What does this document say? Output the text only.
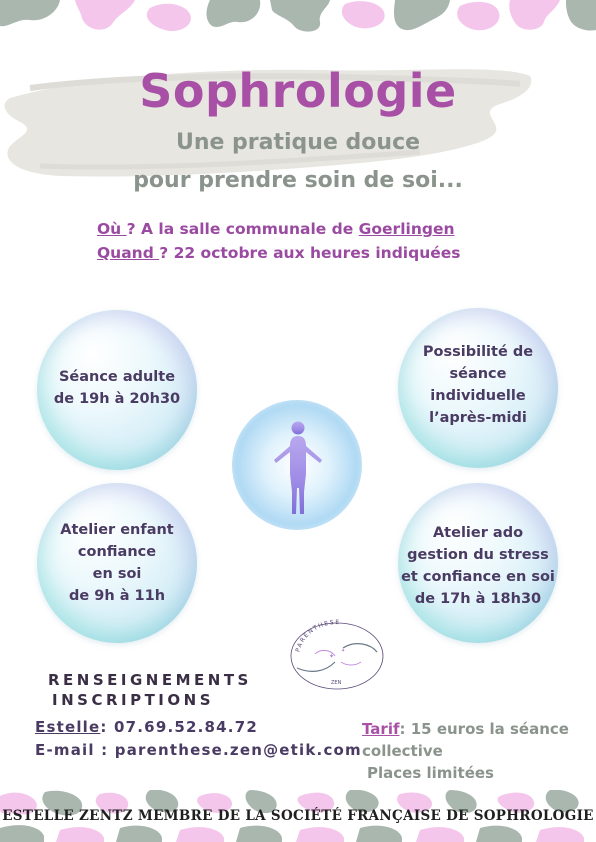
Sophrologie
Une pratique douce
pour prendre soin de soi...
Où ? A la salle communale de Goerlingen
Quand ? 22 octobre aux heures indiquées
Séance adulte
de 19h à 20h30
Possibilité de
séance
individuelle
l’après-midi
Atelier enfant
confiance
en soi
de 9h à 11h
Atelier ado
gestion du stress
et confiance en soi
de 17h à 18h30
PARENTHESE
ZEN
✦
✦
RENSEIGNEMENTS
INSCRIPTIONS
Estelle: 07.69.52.84.72
E-mail : parenthese.zen@etik.com
Tarif: 15 euros la séance collective
Places limitées
ESTELLE ZENTZ MEMBRE DE LA SOCIÉTÉ FRANÇAISE DE SOPHROLOGIE
